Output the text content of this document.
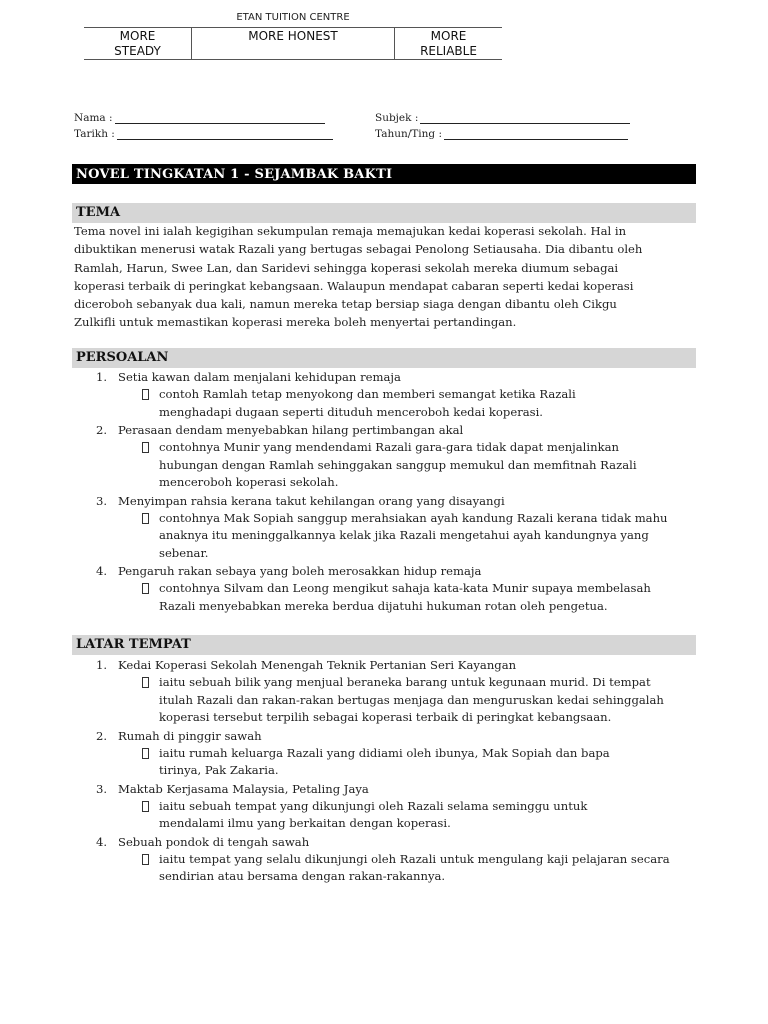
ETAN TUITION CENTRE
MORE
STEADY
MORE HONEST	MORE
RELIABLE
Nama :
Tarikh :
Subjek :
Tahun/Ting :
NOVEL TINGKATAN 1 - SEJAMBAK BAKTI
TEMA
Tema novel ini ialah kegigihan sekumpulan remaja memajukan kedai koperasi sekolah. Hal in
dibuktikan menerusi watak Razali yang bertugas sebagai Penolong Setiausaha. Dia dibantu oleh
Ramlah, Harun, Swee Lan, dan Saridevi sehingga koperasi sekolah mereka diumum sebagai
koperasi terbaik di peringkat kebangsaan. Walaupun mendapat cabaran seperti kedai koperasi
diceroboh sebanyak dua kali, namun mereka tetap bersiap siaga dengan dibantu oleh Cikgu
Zulkifli untuk memastikan koperasi mereka boleh menyertai pertandingan.
PERSOALAN
1. Setia kawan dalam menjalani kehidupan remaja
contoh Ramlah tetap menyokong dan memberi semangat ketika Razali
menghadapi dugaan seperti dituduh menceroboh kedai koperasi.
2. Perasaan dendam menyebabkan hilang pertimbangan akal
contohnya Munir yang mendendami Razali gara-gara tidak dapat menjalinkan
hubungan dengan Ramlah sehinggakan sanggup memukul dan memfitnah Razali
menceroboh koperasi sekolah.
3. Menyimpan rahsia kerana takut kehilangan orang yang disayangi
contohnya Mak Sopiah sanggup merahsiakan ayah kandung Razali kerana tidak mahu
anaknya itu meninggalkannya kelak jika Razali mengetahui ayah kandungnya yang
sebenar.
4. Pengaruh rakan sebaya yang boleh merosakkan hidup remaja
contohnya Silvam dan Leong mengikut sahaja kata-kata Munir supaya membelasah
Razali menyebabkan mereka berdua dijatuhi hukuman rotan oleh pengetua.
LATAR TEMPAT
1. Kedai Koperasi Sekolah Menengah Teknik Pertanian Seri Kayangan
iaitu sebuah bilik yang menjual beraneka barang untuk kegunaan murid. Di tempat
itulah Razali dan rakan-rakan bertugas menjaga dan menguruskan kedai sehinggalah
koperasi tersebut terpilih sebagai koperasi terbaik di peringkat kebangsaan.
2. Rumah di pinggir sawah
iaitu rumah keluarga Razali yang didiami oleh ibunya, Mak Sopiah dan bapa
tirinya, Pak Zakaria.
3. Maktab Kerjasama Malaysia, Petaling Jaya
iaitu sebuah tempat yang dikunjungi oleh Razali selama seminggu untuk
mendalami ilmu yang berkaitan dengan koperasi.
4. Sebuah pondok di tengah sawah
iaitu tempat yang selalu dikunjungi oleh Razali untuk mengulang kaji pelajaran secara
sendirian atau bersama dengan rakan-rakannya.
